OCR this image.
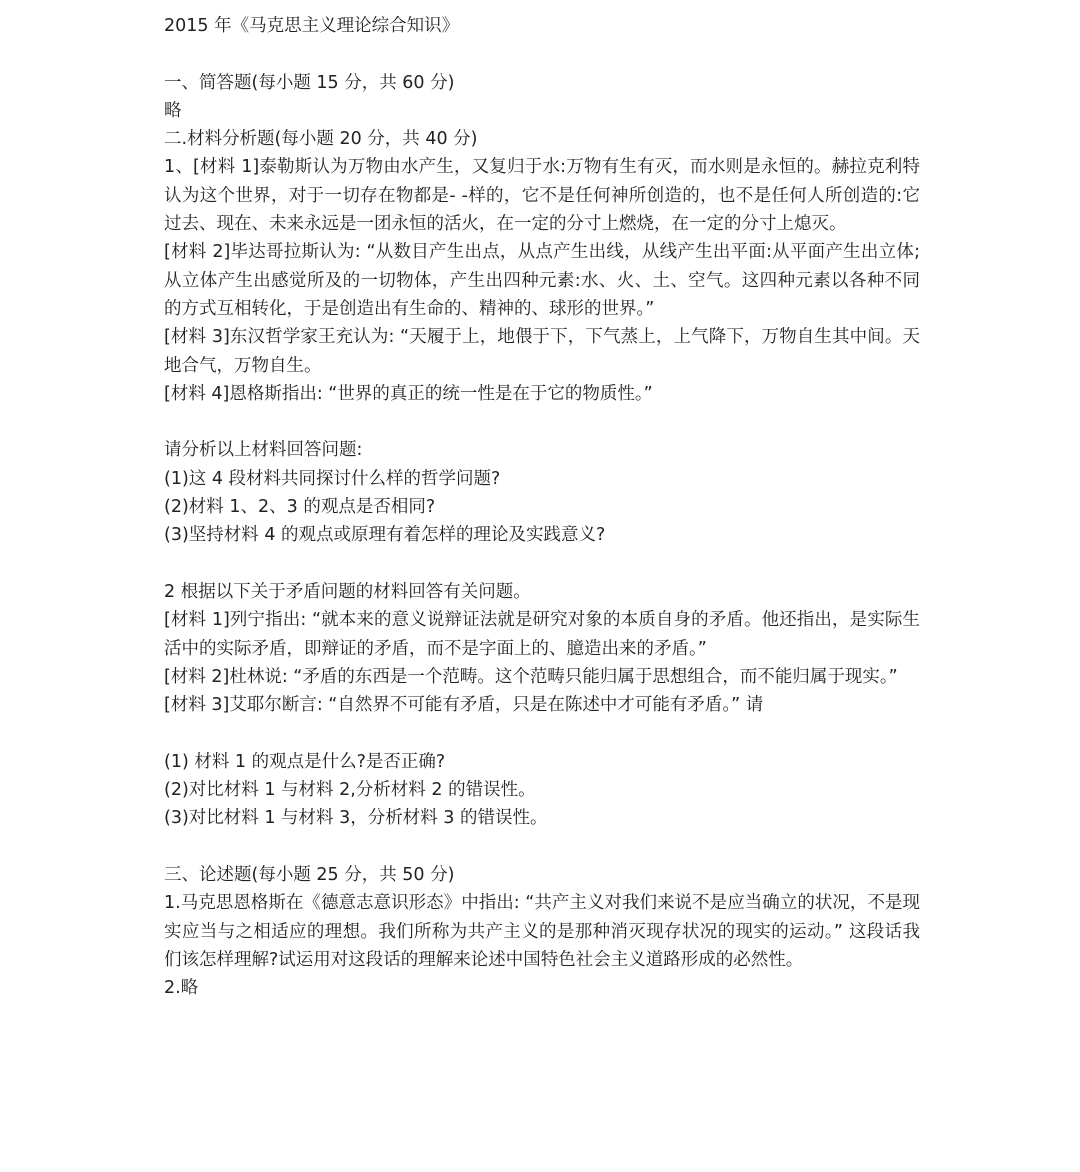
2015 年《马克思主义理论综合知识》

一、简答题(每小题 15 分，共 60 分)

略

二.材料分析题(每小题 20 分，共 40 分)

1、[材料 1]泰勒斯认为万物由水产生，又复归于水:万物有生有灭，而水则是永恒的。赫拉克利特认为这个世界，对于一切存在物都是- -样的，它不是任何神所创造的，也不是任何人所创造的:它过去、现在、未来永远是一团永恒的活火，在一定的分寸上燃烧，在一定的分寸上熄灭。

[材料 2]毕达哥拉斯认为: “从数目产生出点，从点产生出线，从线产生出平面:从平面产生出立体;从立体产生出感觉所及的一切物体，产生出四种元素:水、火、土、空气。这四种元素以各种不同的方式互相转化，于是创造出有生命的、精神的、球形的世界。”

[材料 3]东汉哲学家王充认为: “天履于上，地偎于下，下气蒸上，上气降下，万物自生其中间。天地合气，万物自生。

[材料 4]恩格斯指出: “世界的真正的统一性是在于它的物质性。”

请分析以上材料回答问题:

(1)这 4 段材料共同探讨什么样的哲学问题?

(2)材料 1、2、3 的观点是否相同?

(3)坚持材料 4 的观点或原理有着怎样的理论及实践意义?

2 根据以下关于矛盾问题的材料回答有关问题。

[材料 1]列宁指出: “就本来的意义说辩证法就是研究对象的本质自身的矛盾。他还指出，是实际生活中的实际矛盾，即辩证的矛盾，而不是字面上的、臆造出来的矛盾。”

[材料 2]杜林说: “矛盾的东西是一个范畴。这个范畴只能归属于思想组合，而不能归属于现实。”

[材料 3]艾耶尔断言: “自然界不可能有矛盾，只是在陈述中才可能有矛盾。” 请

(1) 材料 1 的观点是什么?是否正确?

(2)对比材料 1 与材料 2,分析材料 2 的错误性。

(3)对比材料 1 与材料 3，分析材料 3 的错误性。

三、论述题(每小题 25 分，共 50 分)

1.马克思恩格斯在《德意志意识形态》中指出: “共产主义对我们来说不是应当确立的状况，不是现实应当与之相适应的理想。我们所称为共产主义的是那种消灭现存状况的现实的运动。” 这段话我们该怎样理解?试运用对这段话的理解来论述中国特色社会主义道路形成的必然性。

2.略
